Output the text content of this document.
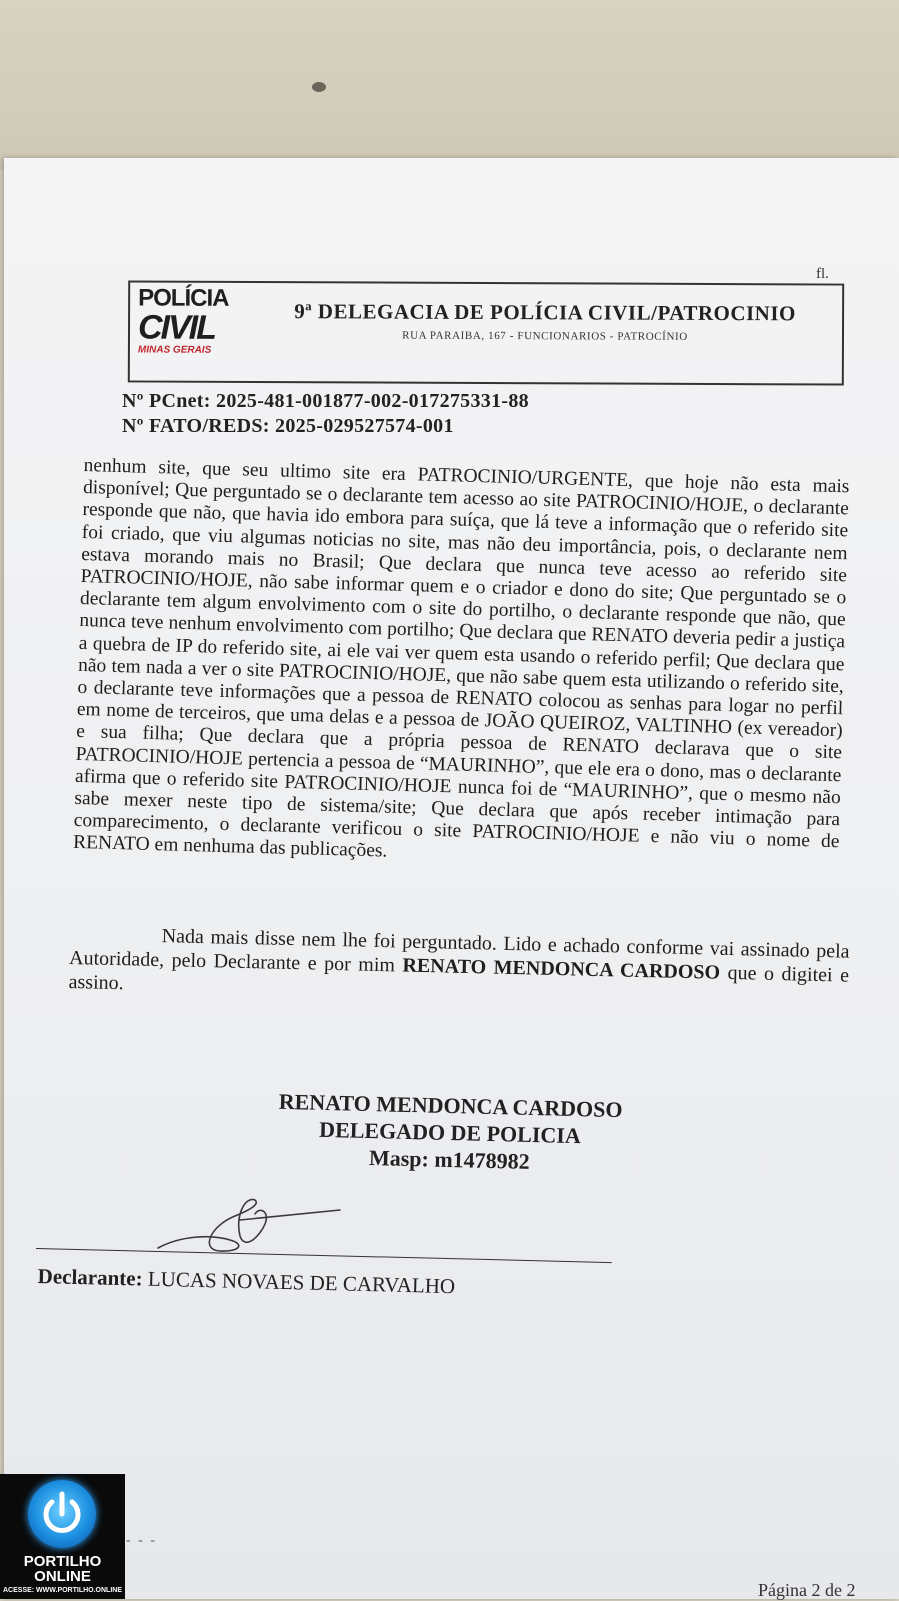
fl.
POLÍCIA
CIVIL
MINAS GERAIS
9ª DELEGACIA DE POLÍCIA CIVIL/PATROCINIO
RUA PARAIBA, 167 - FUNCIONARIOS - PATROCÍNIO
Nº PCnet: 2025-481-001877-002-017275331-88
Nº FATO/REDS: 2025-029527574-001
nenhum site, que seu ultimo site era PATROCINIO/URGENTE, que hoje não esta mais disponível; Que perguntado se o declarante tem acesso ao site PATROCINIO/HOJE, o declarante responde que não, que havia ido embora para suíça, que lá teve a informação que o referido site foi criado, que viu algumas noticias no site, mas não deu importância, pois, o declarante nem estava morando mais no Brasil; Que declara que nunca teve acesso ao referido site PATROCINIO/HOJE, não sabe informar quem e o criador e dono do site; Que perguntado se o declarante tem algum envolvimento com o site do portilho, o declarante responde que não, que nunca teve nenhum envolvimento com portilho; Que declara que RENATO deveria pedir a justiça a quebra de IP do referido site, ai ele vai ver quem esta usando o referido perfil; Que declara que não tem nada a ver o site PATROCINIO/HOJE, que não sabe quem esta utilizando o referido site, o declarante teve informações que a pessoa de RENATO colocou as senhas para logar no perfil em nome de terceiros, que uma delas e a pessoa de JOÃO QUEIROZ, VALTINHO (ex vereador) e sua filha; Que declara que a própria pessoa de RENATO declarava que o site PATROCINIO/HOJE pertencia a pessoa de “MAURINHO”, que ele era o dono, mas o declarante afirma que o referido site PATROCINIO/HOJE nunca foi de “MAURINHO”, que o mesmo não sabe mexer neste tipo de sistema/site; Que declara que após receber intimação para comparecimento, o declarante verificou o site PATROCINIO/HOJE e não viu o nome de RENATO em nenhuma das publicações.
Nada mais disse nem lhe foi perguntado. Lido e achado conforme vai assinado pela Autoridade, pelo Declarante e por mim RENATO MENDONCA CARDOSO que o digitei e assino.
RENATO MENDONCA CARDOSO
DELEGADO DE POLICIA
Masp: m1478982
Declarante: LUCAS NOVAES DE CARVALHO
- - -
Página 2 de 2
PORTILHO
ONLINE
ACESSE: WWW.PORTILHO.ONLINE
